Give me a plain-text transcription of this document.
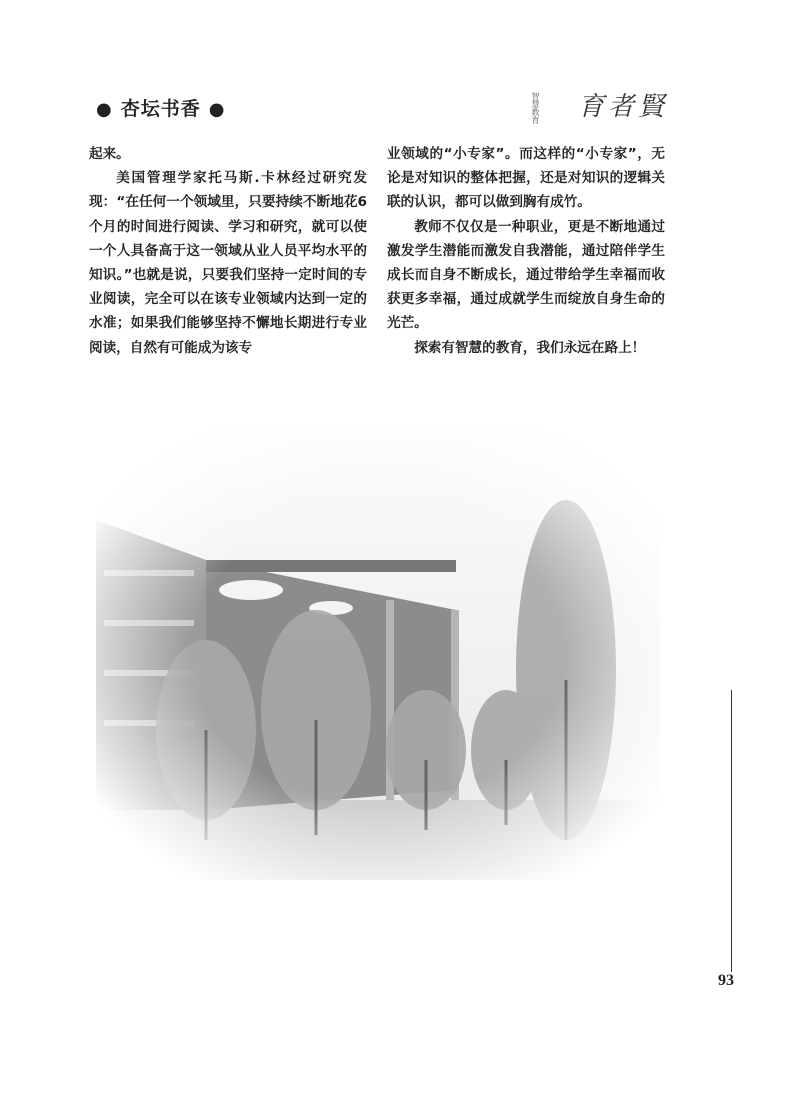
● 杏坛书香 ●	智慧教育 育者賢

起来。

美国管理学家托马斯.卡林经过研究发现：“在任何一个领域里，只要持续不断地花6个月的时间进行阅读、学习和研究，就可以使一个人具备高于这一领域从业人员平均水平的知识。”也就是说，只要我们坚持一定时间的专业阅读，完全可以在该专业领域内达到一定的水准；如果我们能够坚持不懈地长期进行专业阅读，自然有可能成为该专

业领域的“小专家”。而这样的“小专家”，无论是对知识的整体把握，还是对知识的逻辑关联的认识，都可以做到胸有成竹。

教师不仅仅是一种职业，更是不断地通过激发学生潜能而激发自我潜能，通过陪伴学生成长而自身不断成长，通过带给学生幸福而收获更多幸福，通过成就学生而绽放自身生命的光芒。

探索有智慧的教育，我们永远在路上！

93
